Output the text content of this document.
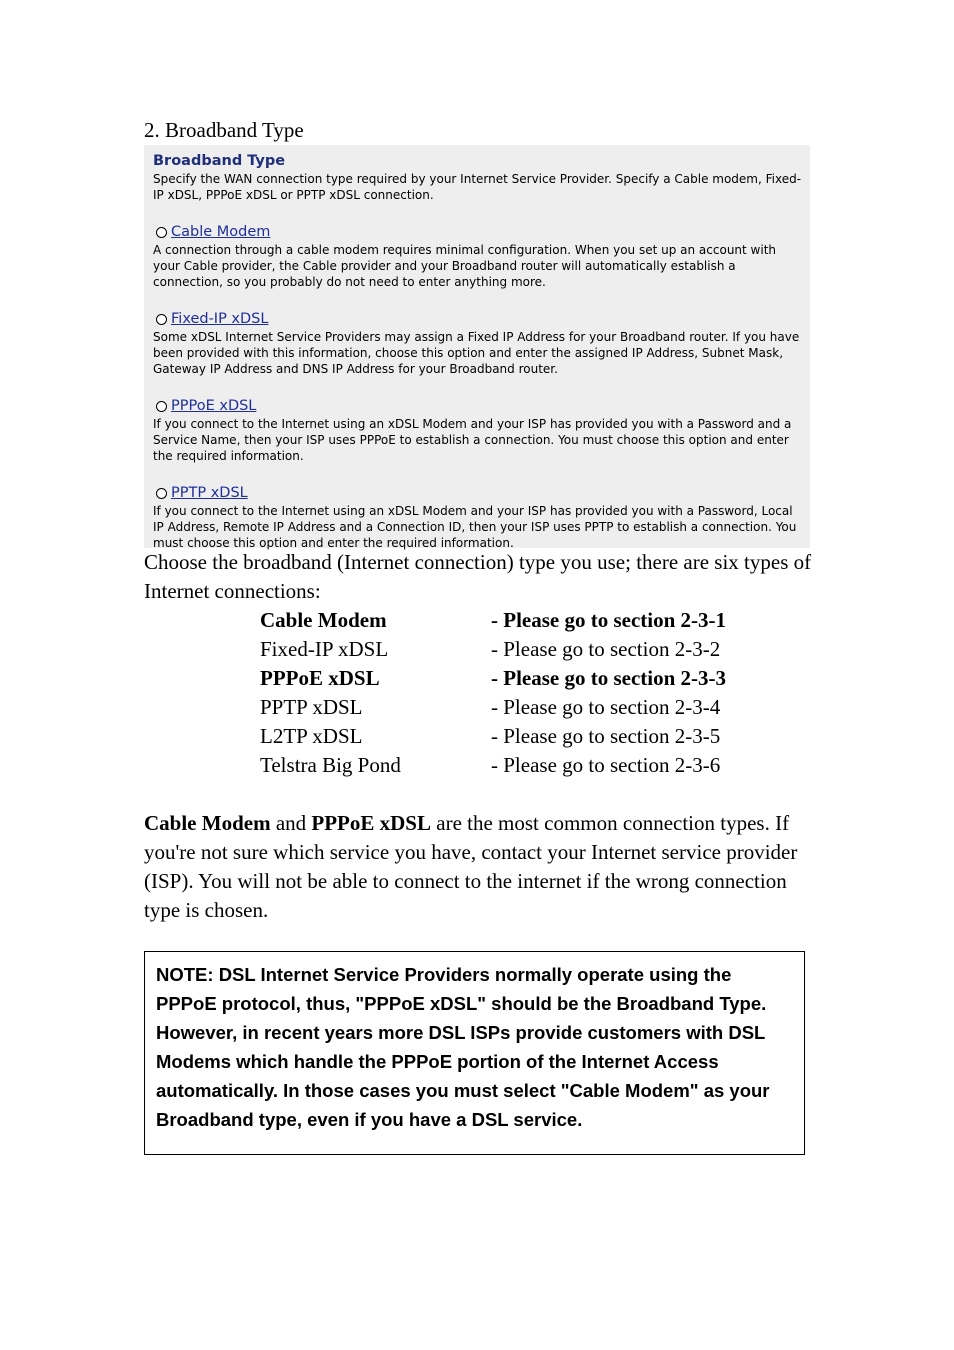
2. Broadband Type

Broadband Type

Specify the WAN connection type required by your Internet Service Provider. Specify a Cable modem, Fixed-IP xDSL, PPPoE xDSL or PPTP xDSL connection.

Cable Modem

A connection through a cable modem requires minimal configuration. When you set up an account with your Cable provider, the Cable provider and your Broadband router will automatically establish a connection, so you probably do not need to enter anything more.

Fixed-IP xDSL

Some xDSL Internet Service Providers may assign a Fixed IP Address for your Broadband router. If you have been provided with this information, choose this option and enter the assigned IP Address, Subnet Mask, Gateway IP Address and DNS IP Address for your Broadband router.

PPPoE xDSL

If you connect to the Internet using an xDSL Modem and your ISP has provided you with a Password and a Service Name, then your ISP uses PPPoE to establish a connection. You must choose this option and enter the required information.

PPTP xDSL

If you connect to the Internet using an xDSL Modem and your ISP has provided you with a Password, Local IP Address, Remote IP Address and a Connection ID, then your ISP uses PPTP to establish a connection. You must choose this option and enter the required information.

Choose the broadband (Internet connection) type you use; there are six types of Internet connections:
Cable Modem	- Please go to section 2-3-1
Fixed-IP xDSL	- Please go to section 2-3-2
PPPoE xDSL	- Please go to section 2-3-3
PPTP xDSL	- Please go to section 2-3-4
L2TP xDSL	- Please go to section 2-3-5
Telstra Big Pond	- Please go to section 2-3-6
Cable Modem and PPPoE xDSL are the most common connection types. If you're not sure which service you have, contact your Internet service provider (ISP). You will not be able to connect to the internet if the wrong connection type is chosen.
NOTE: DSL Internet Service Providers normally operate using the PPPoE protocol, thus, "PPPoE xDSL" should be the Broadband Type. However, in recent years more DSL ISPs provide customers with DSL Modems which handle the PPPoE portion of the Internet Access automatically. In those cases you must select "Cable Modem" as your Broadband type, even if you have a DSL service.
